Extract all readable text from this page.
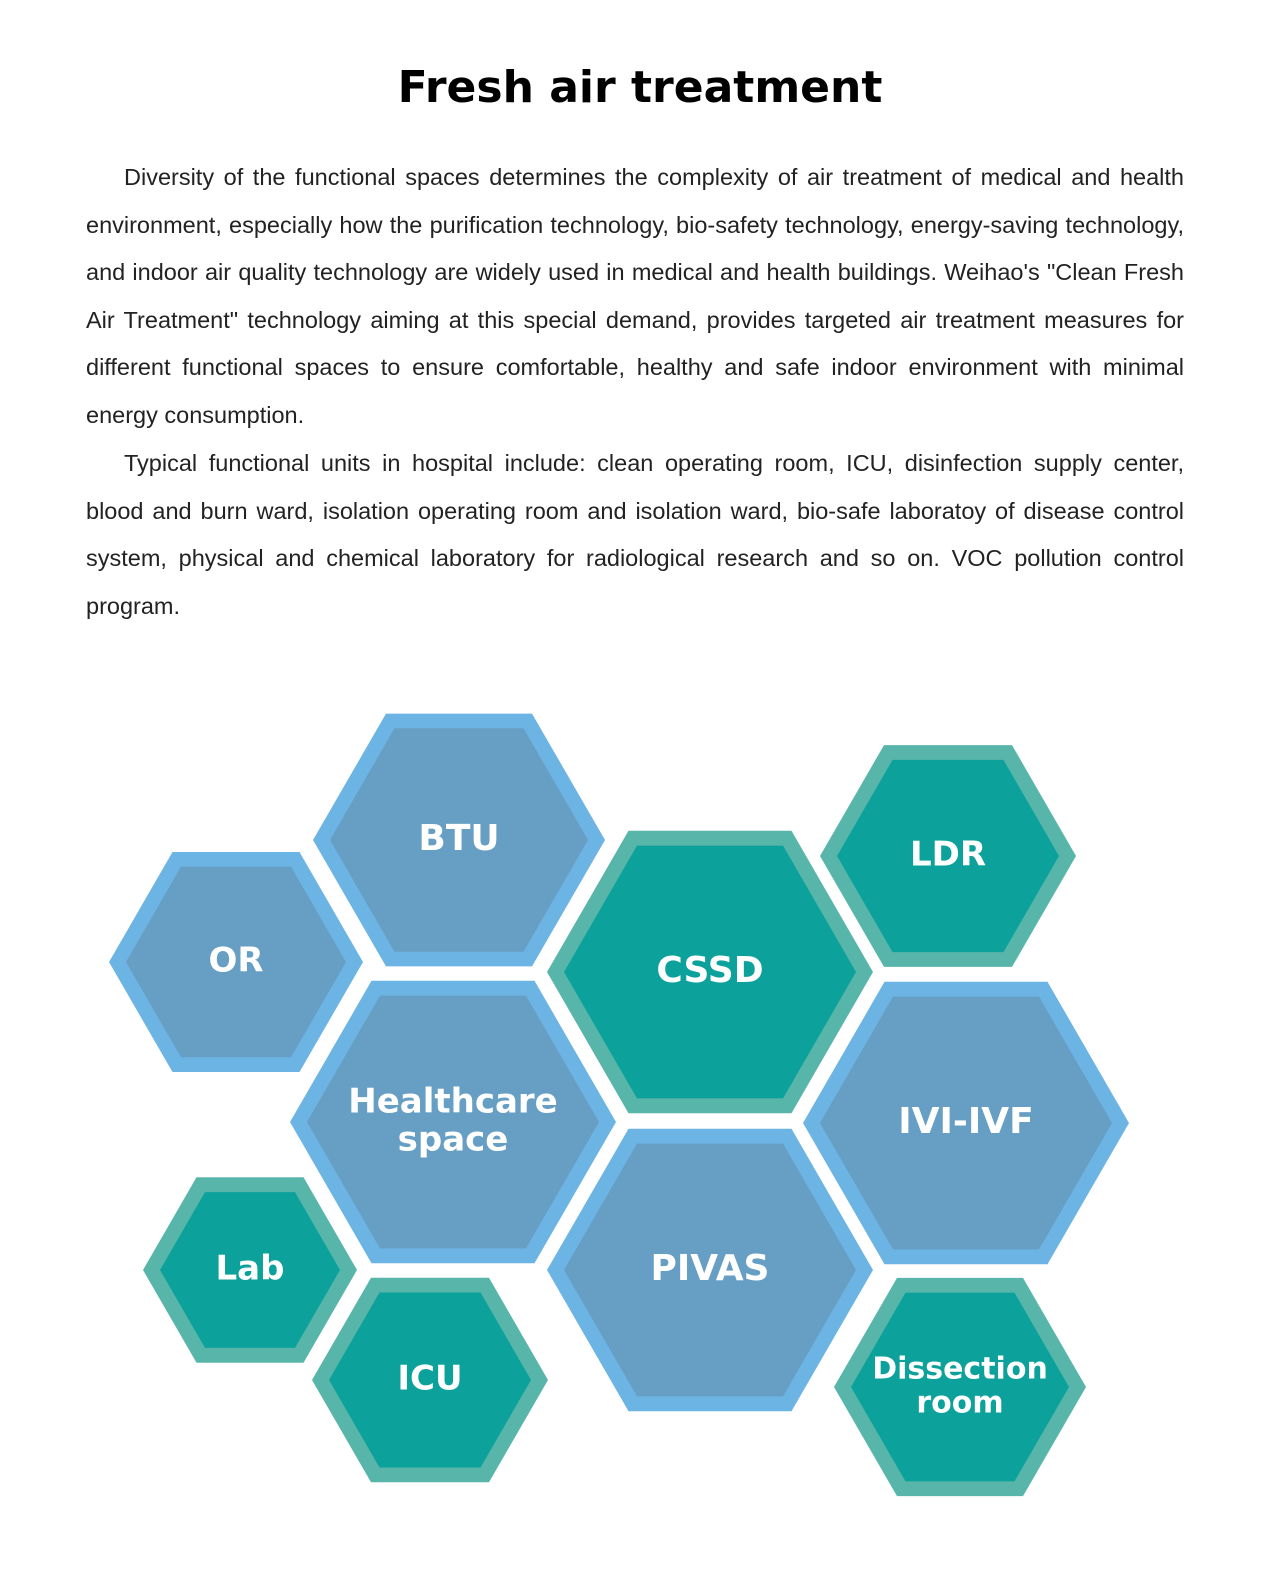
Fresh air treatment

Diversity of the functional spaces determines the complexity of air treatment of medical and health environment, especially how the purification technology, bio-safety technology, energy-saving technology, and indoor air quality technology are widely used in medical and health buildings. Weihao's "Clean Fresh Air Treatment" technology aiming at this special demand, provides targeted air treatment measures for different functional spaces to ensure comfortable, healthy and safe indoor environment with minimal energy consumption.

Typical functional units in hospital include: clean operating room, ICU, disinfection supply center, blood and burn ward, isolation operating room and isolation ward, bio-safe laboratoy of disease control system, physical and chemical laboratory for radiological research and so on. VOC pollution control program.

BTU
OR
LDR
CSSD
Healthcare
space	IVI-IVF
Lab	PIVAS
ICU	Dissection
room
